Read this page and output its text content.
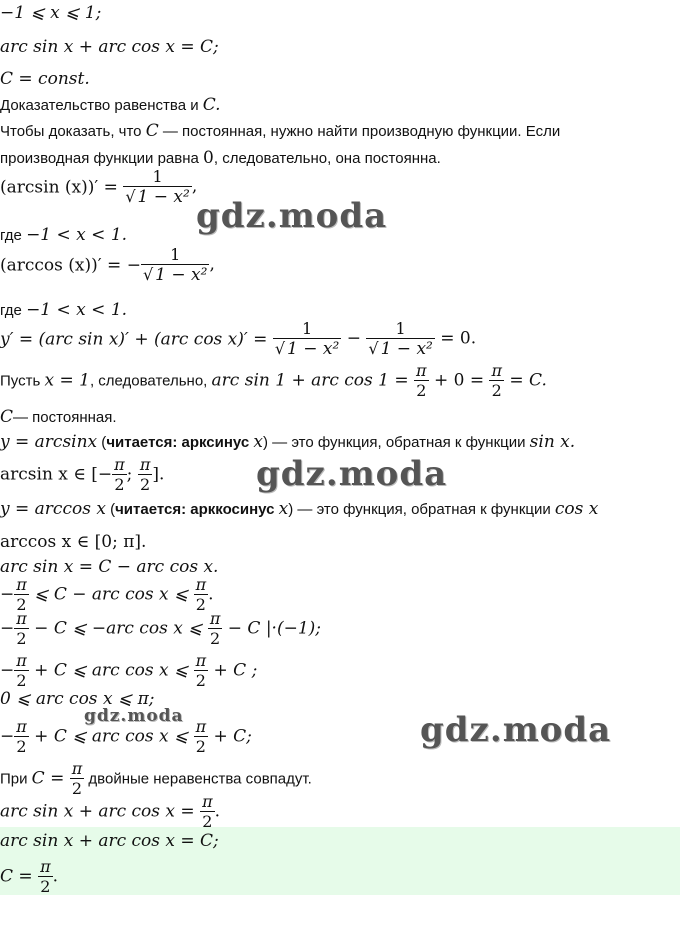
−1 ⩽ x ⩽ 1;
arc sin x + arc cos x = C;
C = const.
Доказательство равенства и C.
Чтобы доказать, что C — постоянная, нужно найти производную функции. Если
производная функции равна 0, следовательно, она постоянна.
(arcsin $(x))' = \frac{1}{\text{√ 1 − x²}}$ ,
где −1 < x < 1.
(arccos (x))′ = − $\frac{1}{\text{√ 1 − x²}}$ ,
где −1 < x < 1.
y′ = (arc sin x)′ + (arc $\cos x)' = \frac{1}{\text{√ 1 − x²}} - \frac{1}{\text{√ 1 − x²}} = 0$.
Пусть x = 1, следовательно, arc sin 1 + arc $\cos 1 = \frac{\pi}{2} + 0 = \frac{\pi}{2} = C$.
C— постоянная.
y = arcsinx (читается: арксинус x) — это функция, обратная к функции sin x.
arcsin x ∈ [− $\frac{\pi}{2}$ ; $\frac{\pi}{2}$ ].
y = arccos x (читается: арккосинус x) — это функция, обратная к функции cos x
arccos x ∈ [0; π].
arc sin x = C − arc cos x.
− $\frac{\pi}{2}$ ⩽ C − arc cos x ⩽ $\frac{\pi}{2}$ .
− $\frac{\pi}{2} - C$ ⩽ −arc cos x ⩽ $\frac{\pi}{2} - C$ |·(−1);
− $\frac{\pi}{2} + C$ ⩽ arc cos x ⩽ $\frac{\pi}{2} + C$ ;
0 ⩽ arc cos x ⩽ π;
− $\frac{\pi}{2} + C$ ⩽ arc cos x ⩽ $\frac{\pi}{2} + C$;
При $C = \frac{\pi}{2}$ двойные неравенства совпадут.
arc sin x + arc $\cos x = \frac{\pi}{2}$ .
arc sin x + arc cos x = C;
$C = \frac{\pi}{2}$ .
gdz.moda
gdz.moda
gdz.moda	gdz.moda
